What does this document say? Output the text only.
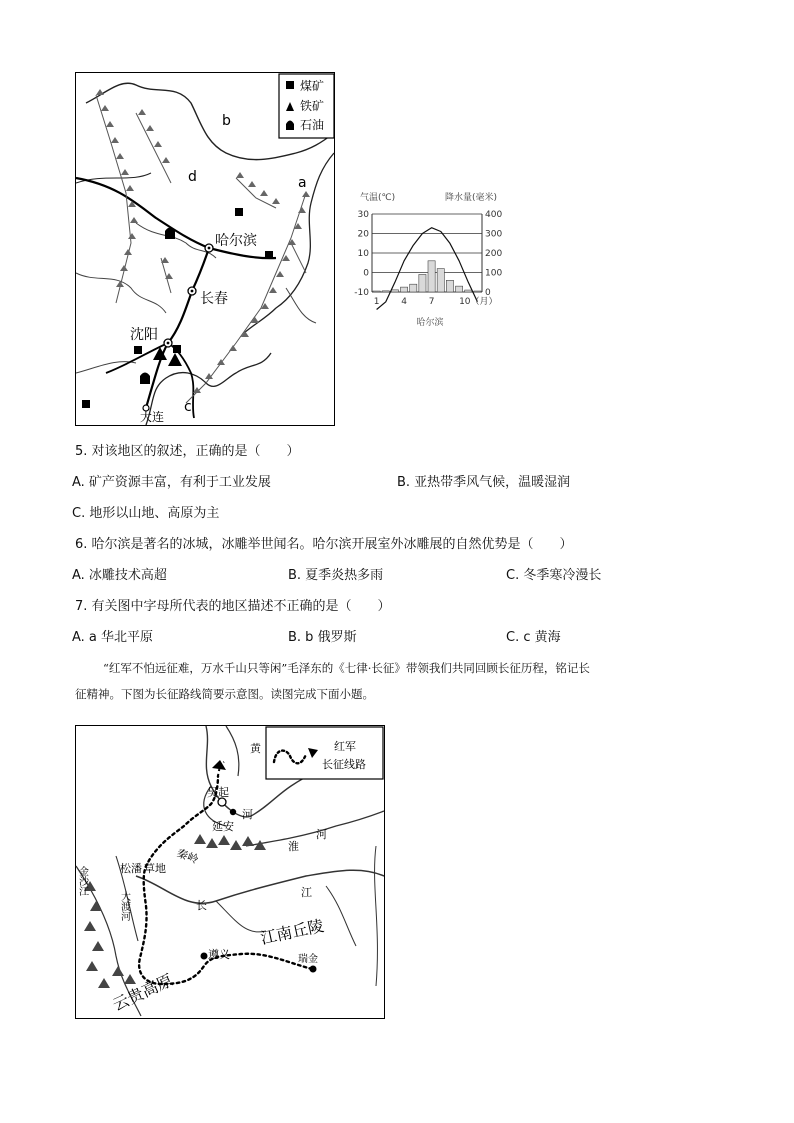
煤矿
铁矿
石油
b
d	a
c
哈尔滨
长春
沈阳
大连
气温(℃)	降水量(毫米)
30	400
20	300
10	200
0	100
-10	0
1 4 7	10（月）
哈尔滨
5. 对该地区的叙述，正确的是（　　）
A. 矿产资源丰富，有利于工业发展	B. 亚热带季风气候，温暖湿润
C. 地形以山地、高原为主
6. 哈尔滨是著名的冰城，冰雕举世闻名。哈尔滨开展室外冰雕展的自然优势是（　　）
A. 冰雕技术高超	B. 夏季炎热多雨	C. 冬季寒冷漫长
7. 有关图中字母所代表的地区描述不正确的是（　　）
A. a 华北平原	B. b 俄罗斯	C. c 黄海
“红军不怕远征难，万水千山只等闲”毛泽东的《七律·长征》带领我们共同回顾长征历程，铭记长
征精神。下图为长征路线简要示意图。读图完成下面小题。
吴起
延安
松潘 草地
遵义	瑞金
江南丘陵
云贵高原
黄
河
淮
河
长
江
大渡河
金沙江
秦岭
红军
长征线路
